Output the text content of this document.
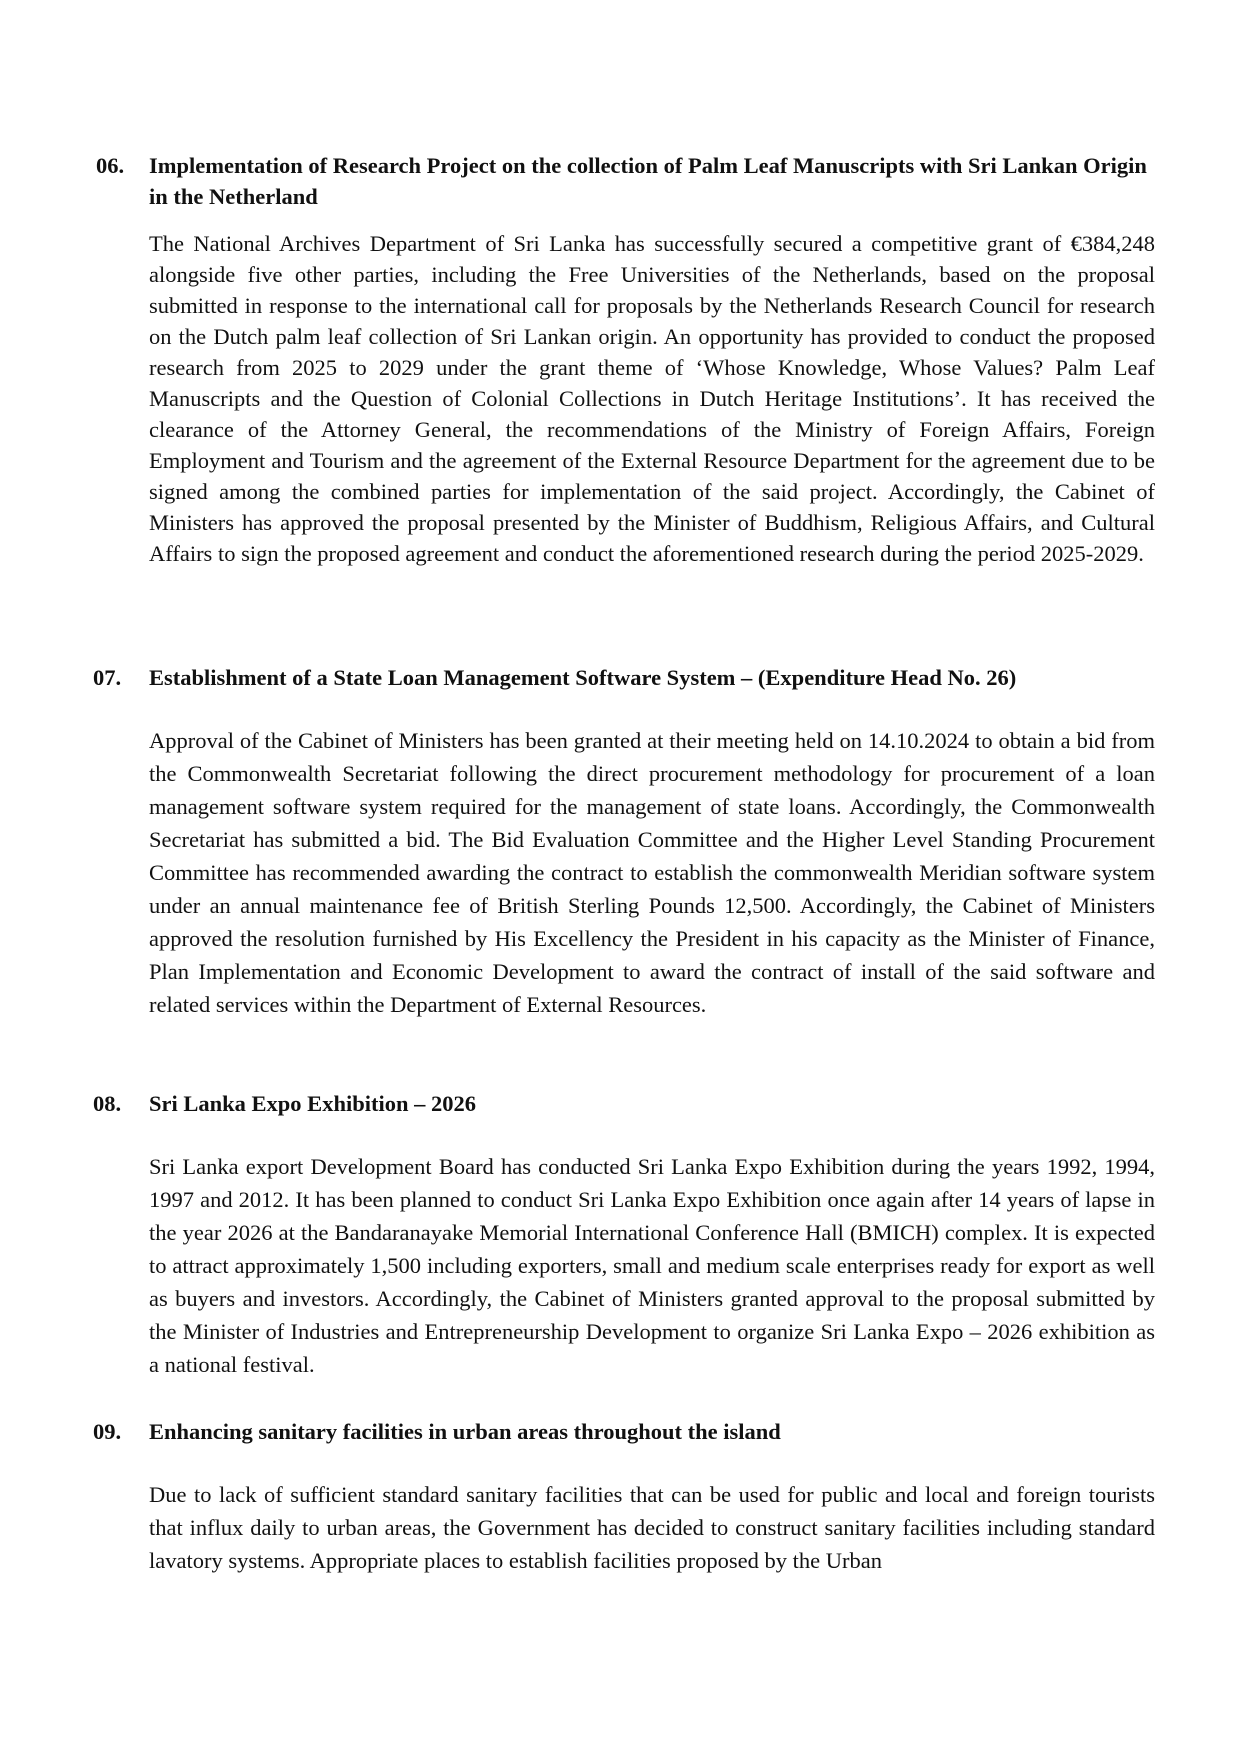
06. Implementation of Research Project on the collection of Palm Leaf Manuscripts with Sri Lankan Origin in the Netherland
The National Archives Department of Sri Lanka has successfully secured a competitive grant of €384,248 alongside five other parties, including the Free Universities of the Netherlands, based on the proposal submitted in response to the international call for proposals by the Netherlands Research Council for research on the Dutch palm leaf collection of Sri Lankan origin. An opportunity has provided to conduct the proposed research from 2025 to 2029 under the grant theme of ‘Whose Knowledge, Whose Values? Palm Leaf Manuscripts and the Question of Colonial Collections in Dutch Heritage Institutions’. It has received the clearance of the Attorney General, the recommendations of the Ministry of Foreign Affairs, Foreign Employment and Tourism and the agreement of the External Resource Department for the agreement due to be signed among the combined parties for implementation of the said project. Accordingly, the Cabinet of Ministers has approved the proposal presented by the Minister of Buddhism, Religious Affairs, and Cultural Affairs to sign the proposed agreement and conduct the aforementioned research during the period 2025-2029.
07. Establishment of a State Loan Management Software System – (Expenditure Head No. 26)
Approval of the Cabinet of Ministers has been granted at their meeting held on 14.10.2024 to obtain a bid from the Commonwealth Secretariat following the direct procurement methodology for procurement of a loan management software system required for the management of state loans. Accordingly, the Commonwealth Secretariat has submitted a bid. The Bid Evaluation Committee and the Higher Level Standing Procurement Committee has recommended awarding the contract to establish the commonwealth Meridian software system under an annual maintenance fee of British Sterling Pounds 12,500. Accordingly, the Cabinet of Ministers approved the resolution furnished by His Excellency the President in his capacity as the Minister of Finance, Plan Implementation and Economic Development to award the contract of install of the said software and related services within the Department of External Resources.
08. Sri Lanka Expo Exhibition – 2026
Sri Lanka export Development Board has conducted Sri Lanka Expo Exhibition during the years 1992, 1994, 1997 and 2012. It has been planned to conduct Sri Lanka Expo Exhibition once again after 14 years of lapse in the year 2026 at the Bandaranayake Memorial International Conference Hall (BMICH) complex. It is expected to attract approximately 1,500 including exporters, small and medium scale enterprises ready for export as well as buyers and investors. Accordingly, the Cabinet of Ministers granted approval to the proposal submitted by the Minister of Industries and Entrepreneurship Development to organize Sri Lanka Expo – 2026 exhibition as a national festival.
09. Enhancing sanitary facilities in urban areas throughout the island
Due to lack of sufficient standard sanitary facilities that can be used for public and local and foreign tourists that influx daily to urban areas, the Government has decided to construct sanitary facilities including standard lavatory systems. Appropriate places to establish facilities proposed by the Urban
